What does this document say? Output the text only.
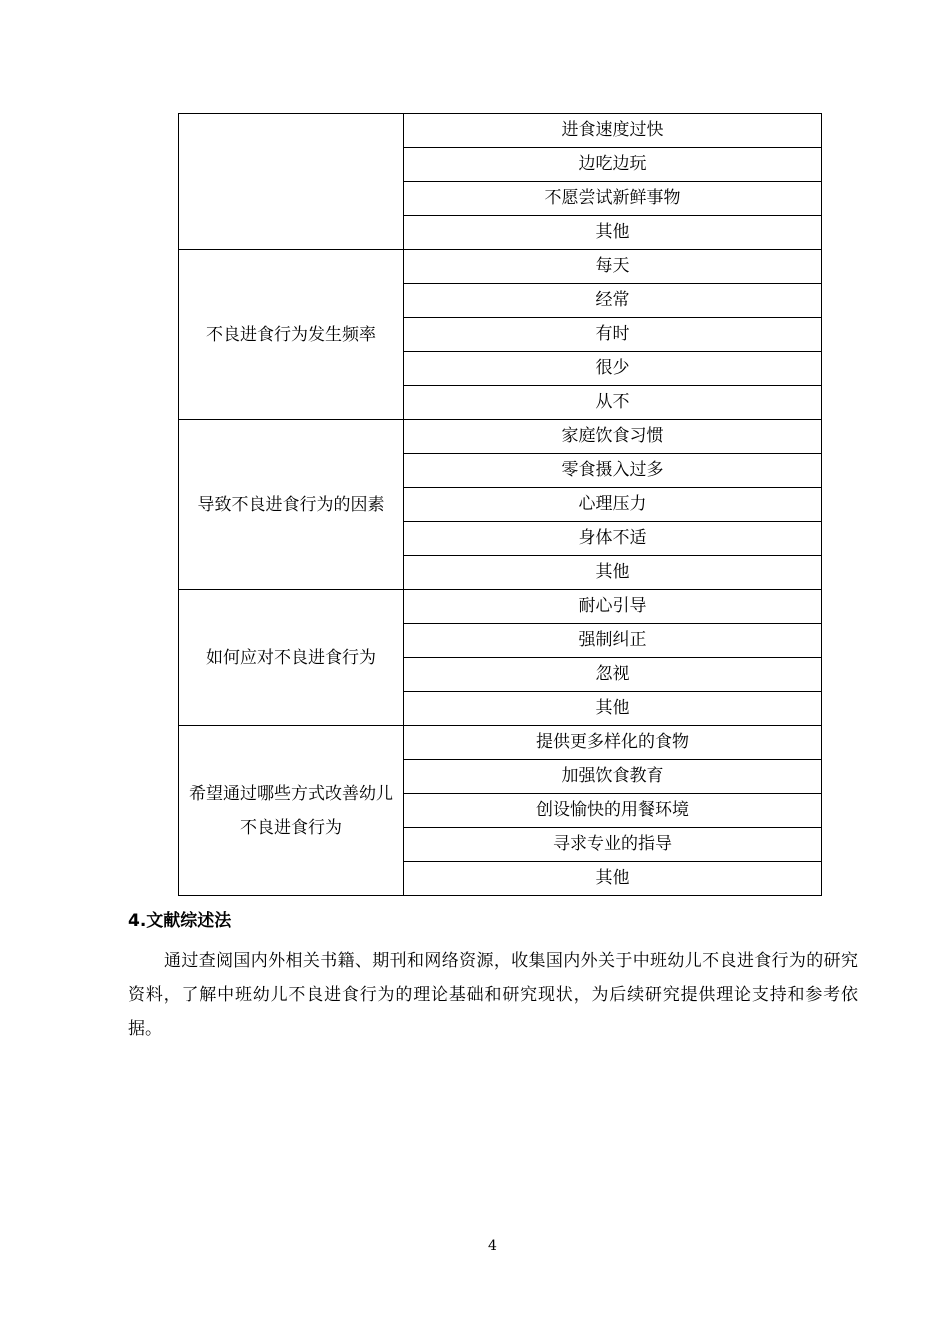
	进食速度过快
	边吃边玩
	不愿尝试新鲜事物
	其他
不良进食行为发生频率	每天
	经常
	有时
	很少
	从不
导致不良进食行为的因素	家庭饮食习惯
	零食摄入过多
	心理压力
	身体不适
	其他
如何应对不良进食行为	耐心引导
	强制纠正
	忽视
	其他
希望通过哪些方式改善幼儿不良进食行为	提供更多样化的食物
	加强饮食教育
	创设愉快的用餐环境
	寻求专业的指导
	其他
4.文献综述法
通过查阅国内外相关书籍、期刊和网络资源，收集国内外关于中班幼儿不良进食行为的研究资料，了解中班幼儿不良进食行为的理论基础和研究现状，为后续研究提供理论支持和参考依据。
4
